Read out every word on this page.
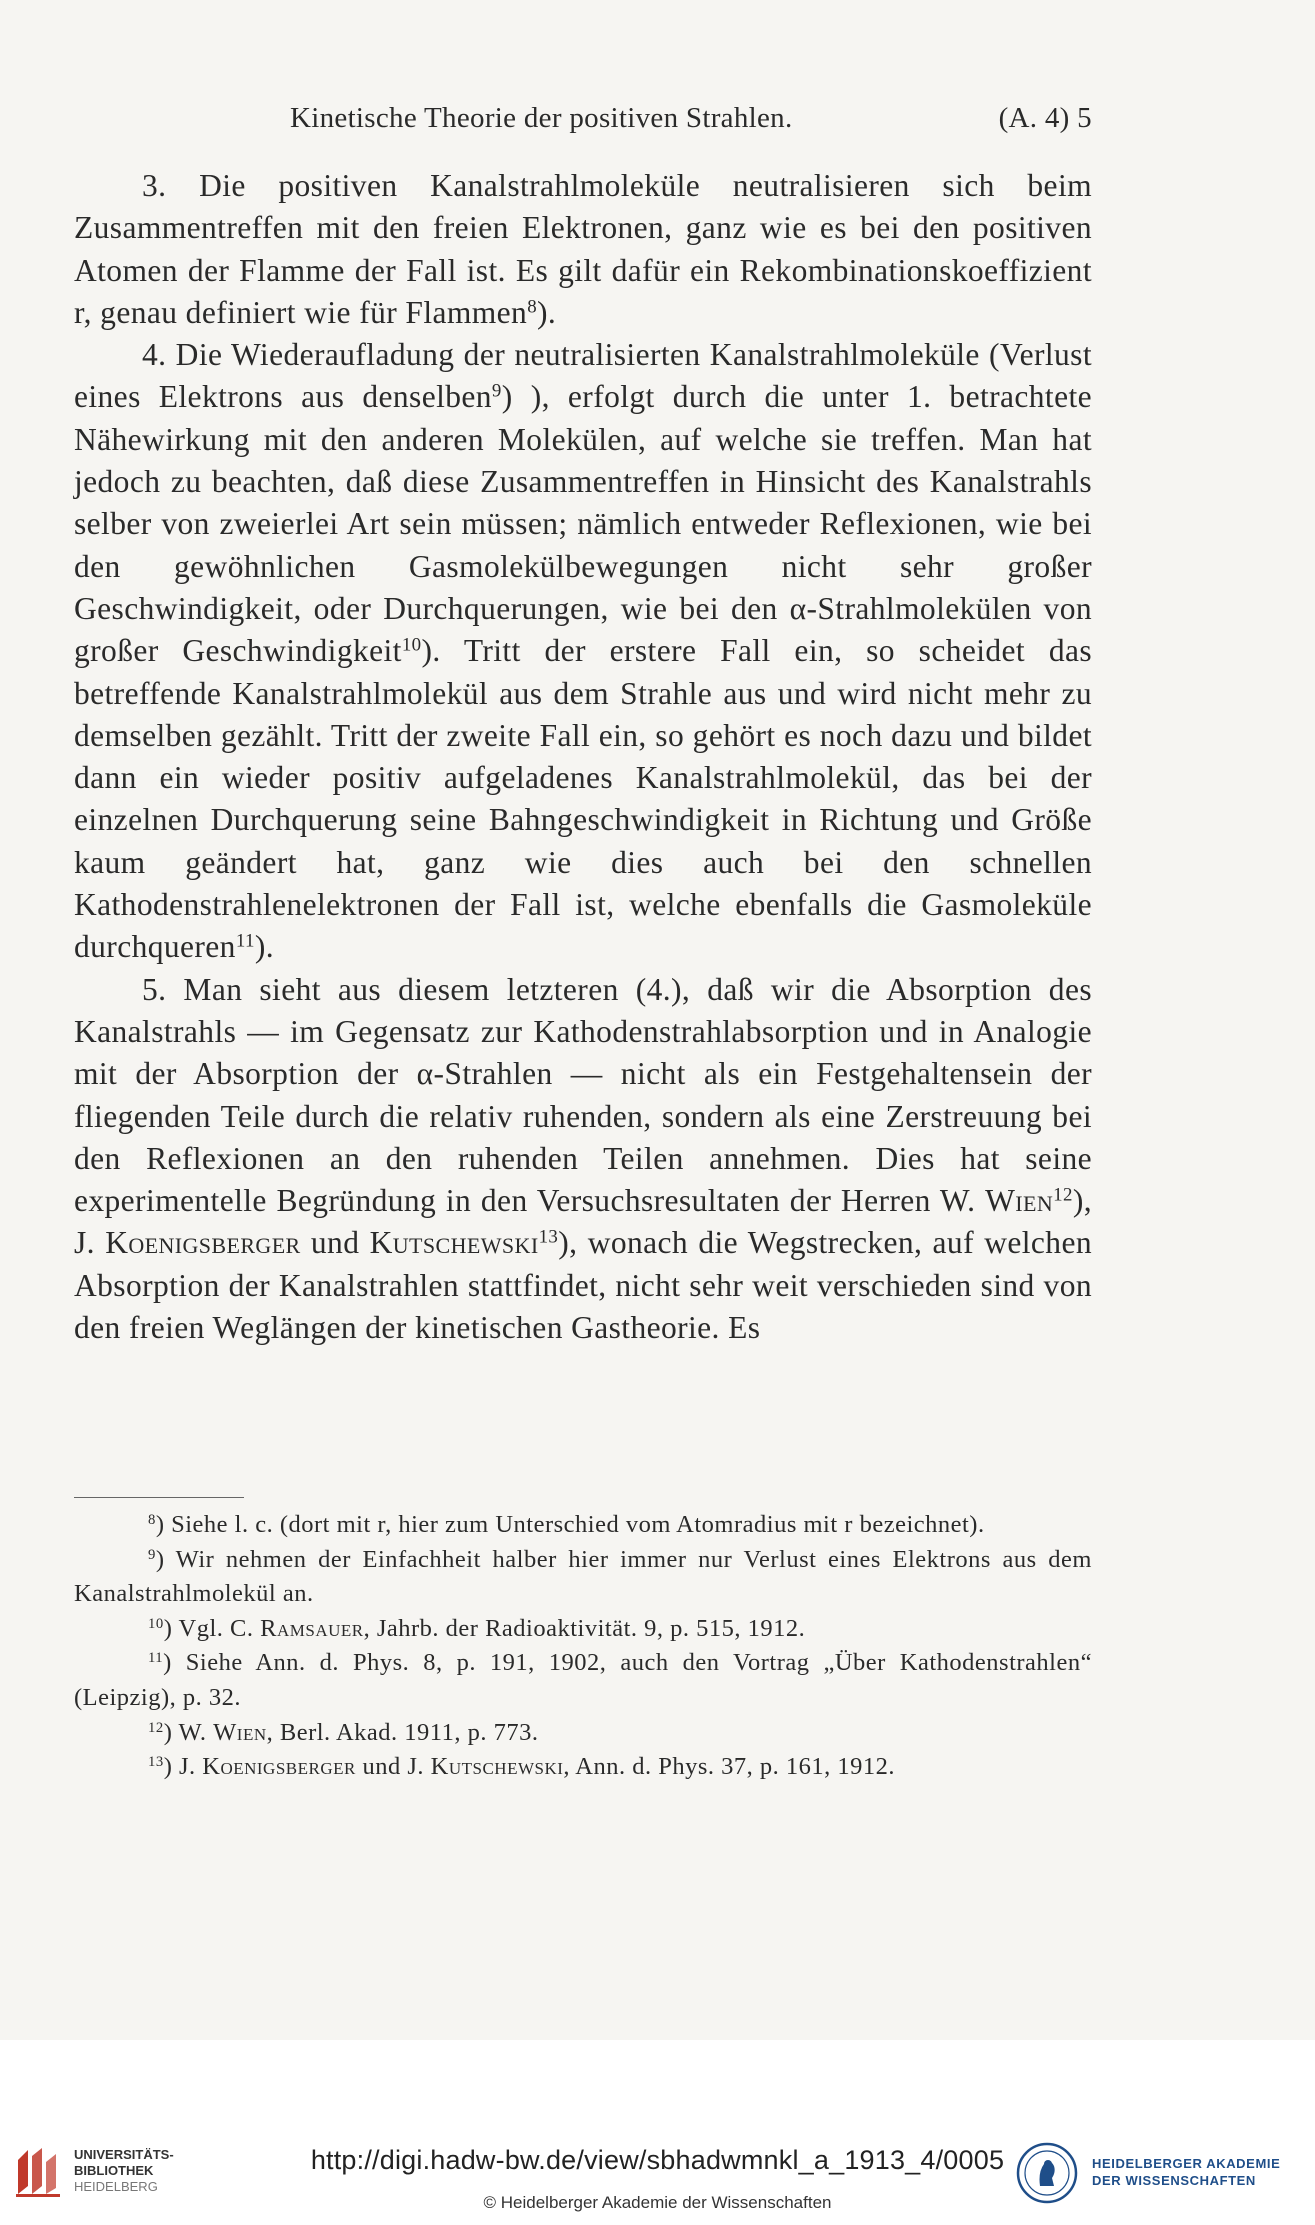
Kinetische Theorie der positiven Strahlen.	(A. 4) 5

3. Die positiven Kanalstrahlmoleküle neutralisieren sich beim Zusammentreffen mit den freien Elektronen, ganz wie es bei den positiven Atomen der Flamme der Fall ist. Es gilt dafür ein Rekombinationskoeffizient r, genau definiert wie für Flammen$^8$).

4. Die Wiederaufladung der neutralisierten Kanalstrahlmoleküle (Verlust eines Elektrons aus denselben$^9$) ), erfolgt durch die unter 1. betrachtete Nähewirkung mit den anderen Molekülen, auf welche sie treffen. Man hat jedoch zu beachten, daß diese Zusammentreffen in Hinsicht des Kanalstrahls selber von zweierlei Art sein müssen; nämlich entweder Reflexionen, wie bei den gewöhnlichen Gasmolekülbewegungen nicht sehr großer Geschwindigkeit, oder Durchquerungen, wie bei den α-Strahlmolekülen von großer Geschwindigkeit$^{10}$). Tritt der erstere Fall ein, so scheidet das betreffende Kanalstrahlmolekül aus dem Strahle aus und wird nicht mehr zu demselben gezählt. Tritt der zweite Fall ein, so gehört es noch dazu und bildet dann ein wieder positiv aufgeladenes Kanalstrahlmolekül, das bei der einzelnen Durchquerung seine Bahngeschwindigkeit in Richtung und Größe kaum geändert hat, ganz wie dies auch bei den schnellen Kathodenstrahlenelektronen der Fall ist, welche ebenfalls die Gasmoleküle durchqueren$^{11}$).

5. Man sieht aus diesem letzteren (4.), daß wir die Absorption des Kanalstrahls — im Gegensatz zur Kathodenstrahlabsorption und in Analogie mit der Absorption der α-Strahlen — nicht als ein Festgehaltensein der fliegenden Teile durch die relativ ruhenden, sondern als eine Zerstreuung bei den Reflexionen an den ruhenden Teilen annehmen. Dies hat seine experimentelle Begründung in den Versuchsresultaten der Herren W. Wien$^{12}$), J. Koenigsberger und Kutschewski$^{13}$), wonach die Wegstrecken, auf welchen Absorption der Kanalstrahlen stattfindet, nicht sehr weit verschieden sind von den freien Weglängen der kinetischen Gastheorie. Es

$^8$) Siehe l. c. (dort mit r, hier zum Unterschied vom Atomradius mit r bezeichnet).

$^9$) Wir nehmen der Einfachheit halber hier immer nur Verlust eines Elektrons aus dem Kanalstrahlmolekül an.

$^{10}$) Vgl. C. Ramsauer, Jahrb. der Radioaktivität. 9, p. 515, 1912.

$^{11}$) Siehe Ann. d. Phys. 8, p. 191, 1902, auch den Vortrag „Über Kathodenstrahlen“ (Leipzig), p. 32.

$^{12}$) W. Wien, Berl. Akad. 1911, p. 773.

$^{13}$) J. Koenigsberger und J. Kutschewski, Ann. d. Phys. 37, p. 161, 1912.

UNIVERSITÄTS-
BIBLIOTHEK
HEIDELBERG
http://digi.hadw-bw.de/view/sbhadwmnkl_a_1913_4/0005
© Heidelberger Akademie der Wissenschaften
HEIDELBERGER AKADEMIE
DER WISSENSCHAFTEN
